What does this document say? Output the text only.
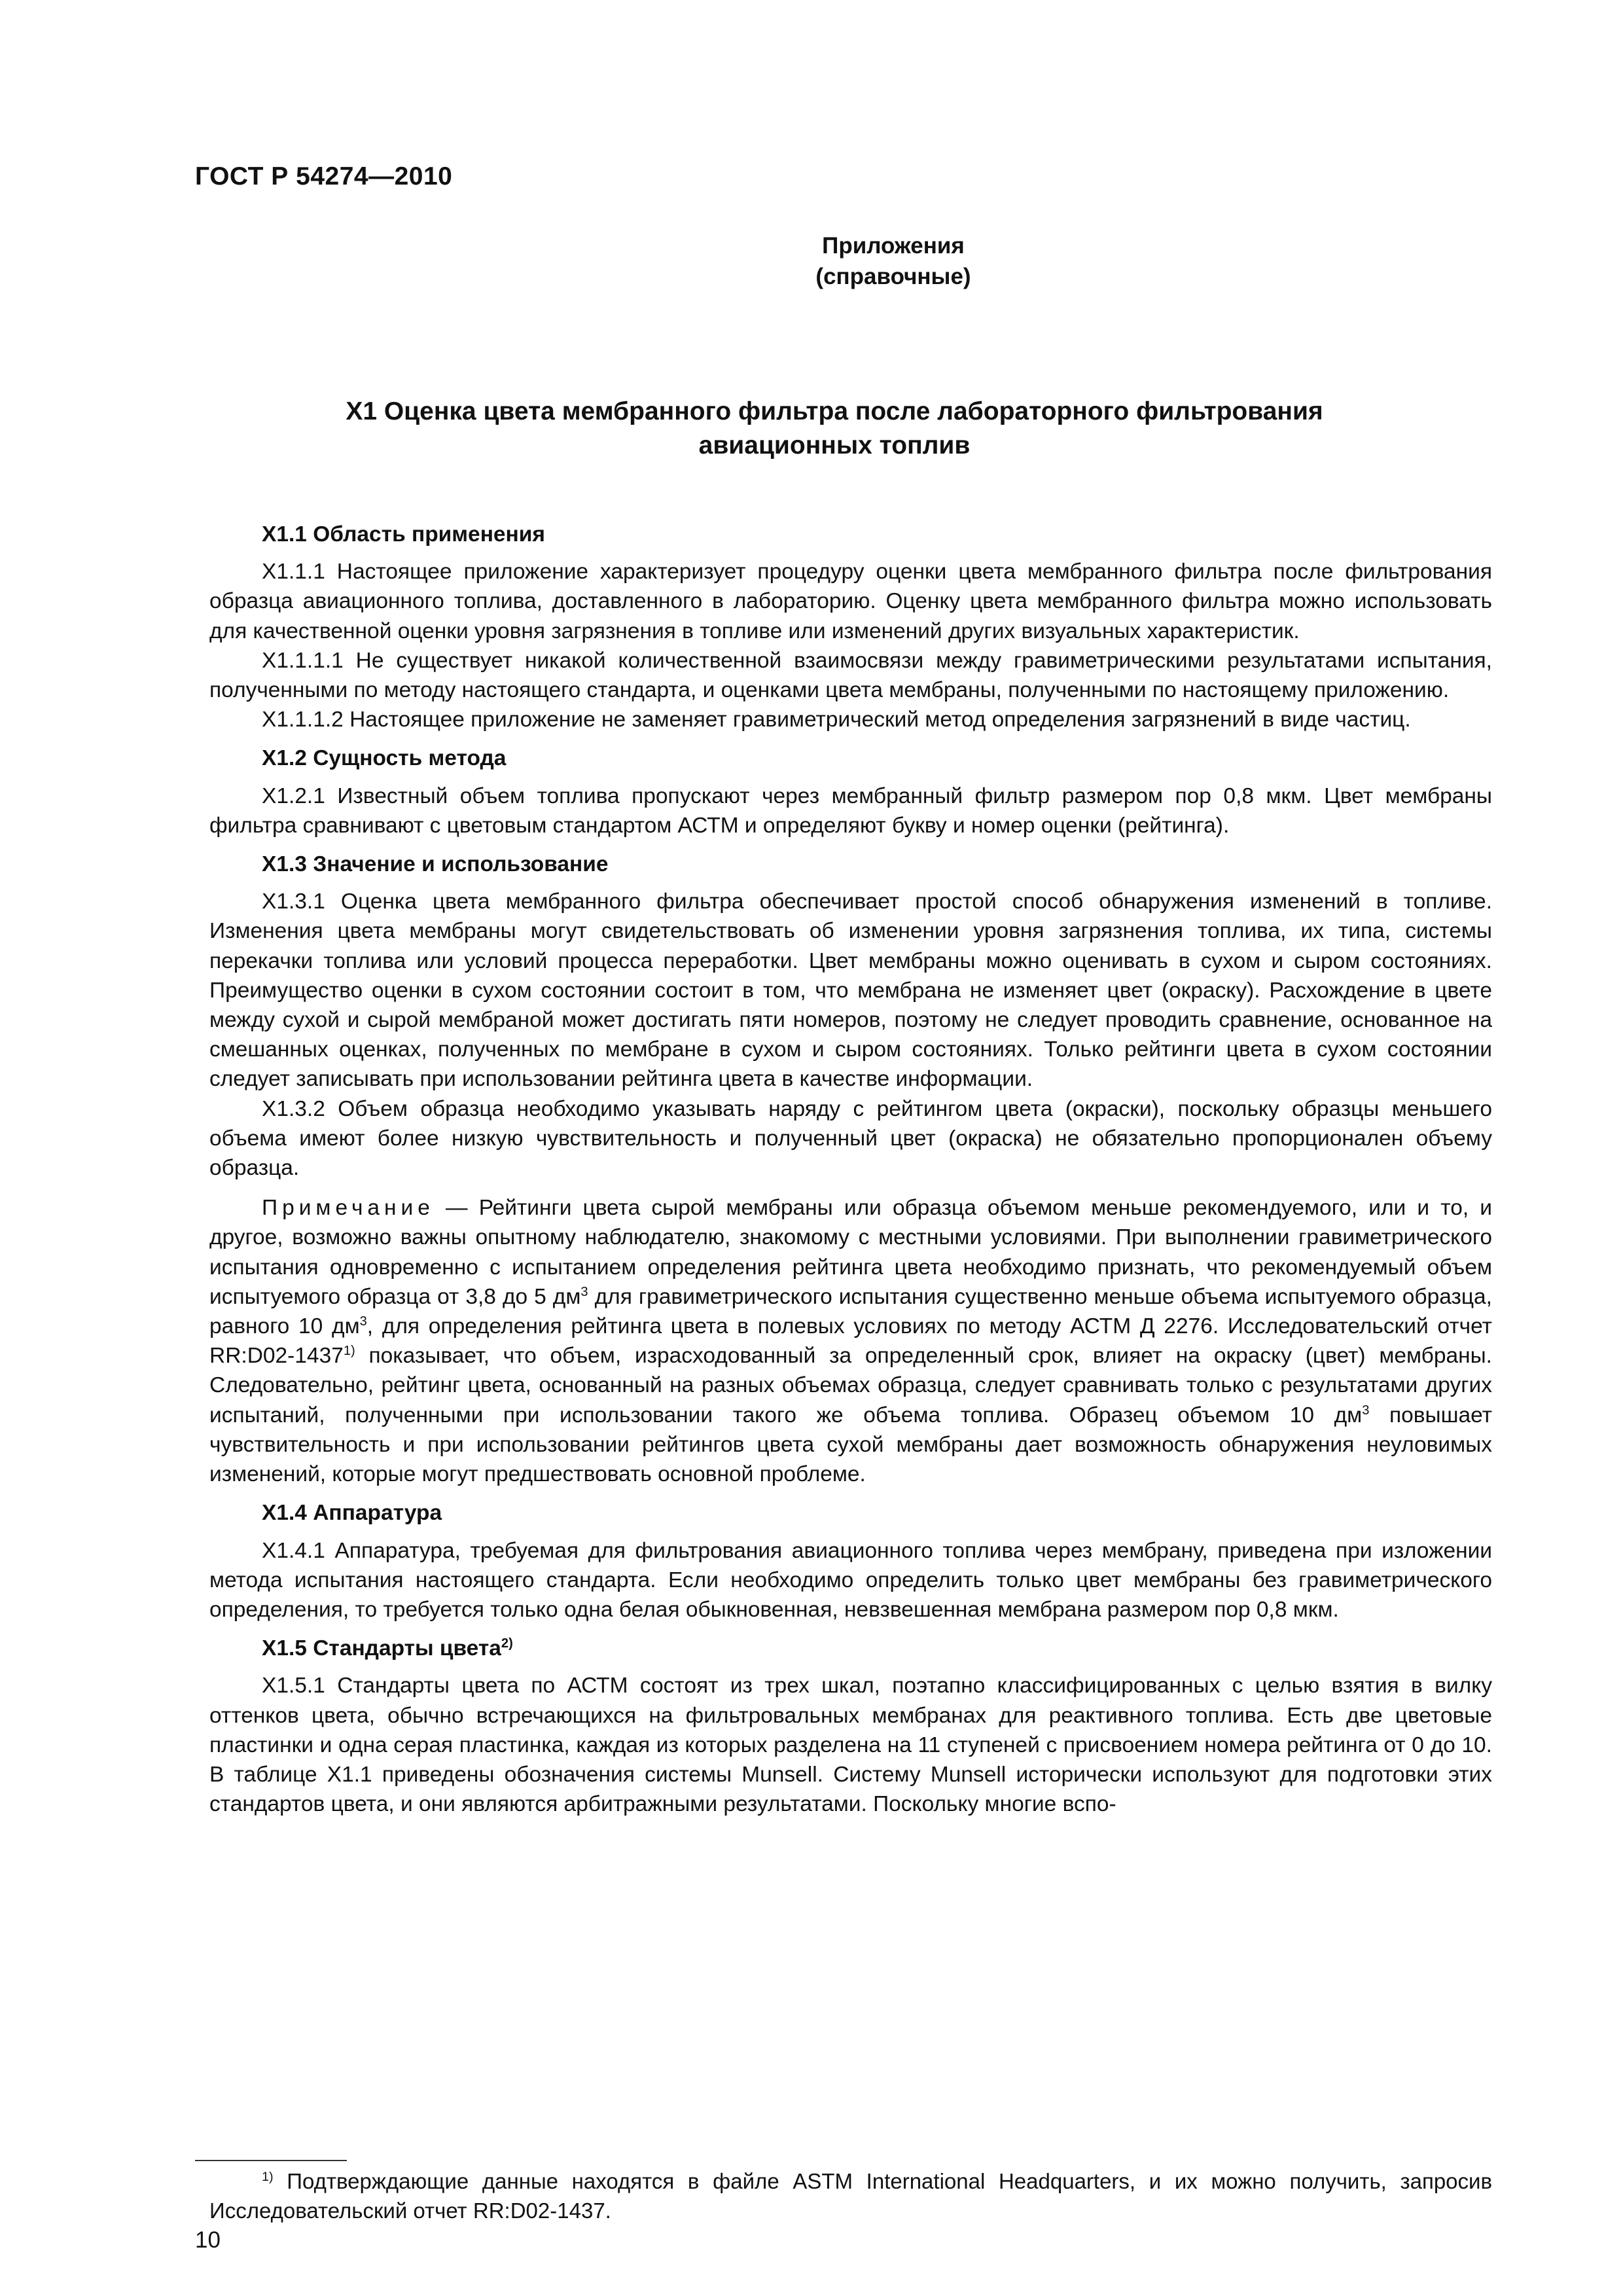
ГОСТ Р 54274—2010
Приложения
(справочные)
X1 Оценка цвета мембранного фильтра после лабораторного фильтрования
авиационных топлив
X1.1 Область применения

X1.1.1 Настоящее приложение характеризует процедуру оценки цвета мембранного фильтра после фильтрования образца авиационного топлива, доставленного в лабораторию. Оценку цвета мембранного фильтра можно использовать для качественной оценки уровня загрязнения в топливе или изменений других визуальных характеристик.

X1.1.1.1 Не существует никакой количественной взаимосвязи между гравиметрическими результатами испытания, полученными по методу настоящего стандарта, и оценками цвета мембраны, полученными по настоящему приложению.

X1.1.1.2 Настоящее приложение не заменяет гравиметрический метод определения загрязнений в виде частиц.

X1.2 Сущность метода

X1.2.1 Известный объем топлива пропускают через мембранный фильтр размером пор 0,8 мкм. Цвет мембраны фильтра сравнивают с цветовым стандартом АСТМ и определяют букву и номер оценки (рейтинга).

X1.3 Значение и использование

X1.3.1 Оценка цвета мембранного фильтра обеспечивает простой способ обнаружения изменений в топливе. Изменения цвета мембраны могут свидетельствовать об изменении уровня загрязнения топлива, их типа, системы перекачки топлива или условий процесса переработки. Цвет мембраны можно оценивать в сухом и сыром состояниях. Преимущество оценки в сухом состоянии состоит в том, что мембрана не изменяет цвет (окраску). Расхождение в цвете между сухой и сырой мембраной может достигать пяти номеров, поэтому не следует проводить сравнение, основанное на смешанных оценках, полученных по мембране в сухом и сыром состояниях. Только рейтинги цвета в сухом состоянии следует записывать при использовании рейтинга цвета в качестве информации.

X1.3.2 Объем образца необходимо указывать наряду с рейтингом цвета (окраски), поскольку образцы меньшего объема имеют более низкую чувствительность и полученный цвет (окраска) не обязательно пропорционален объему образца.

Примечание — Рейтинги цвета сырой мембраны или образца объемом меньше рекомендуемого, или и то, и другое, возможно важны опытному наблюдателю, знакомому с местными условиями. При выполнении гравиметрического испытания одновременно с испытанием определения рейтинга цвета необходимо признать, что рекомендуемый объем испытуемого образца от 3,8 до 5 $дм^3$ для гравиметрического испытания существенно меньше объема испытуемого образца, равного 10 $дм^3$, для определения рейтинга цвета в полевых условиях по методу АСТМ Д 2276. Исследовательский отчет RR:D02-1437$^{1)}$ показывает, что объем, израсходованный за определенный срок, влияет на окраску (цвет) мембраны. Следовательно, рейтинг цвета, основанный на разных объемах образца, следует сравнивать только с результатами других испытаний, полученными при использовании такого же объема топлива. Образец объемом 10 $дм^3$ повышает чувствительность и при использовании рейтингов цвета сухой мембраны дает возможность обнаружения неуловимых изменений, которые могут предшествовать основной проблеме.

X1.4 Аппаратура

X1.4.1 Аппаратура, требуемая для фильтрования авиационного топлива через мембрану, приведена при изложении метода испытания настоящего стандарта. Если необходимо определить только цвет мембраны без гравиметрического определения, то требуется только одна белая обыкновенная, невзвешенная мембрана размером пор 0,8 мкм.

X1.5 Стандарты цвета$^{2)}$

X1.5.1 Стандарты цвета по АСТМ состоят из трех шкал, поэтапно классифицированных с целью взятия в вилку оттенков цвета, обычно встречающихся на фильтровальных мембранах для реактивного топлива. Есть две цветовые пластинки и одна серая пластинка, каждая из которых разделена на 11 ступеней с присвоением номера рейтинга от 0 до 10. В таблице X1.1 приведены обозначения системы Munsell. Систему Munsell исторически используют для подготовки этих стандартов цвета, и они являются арбитражными результатами. Поскольку многие вспо-

$^{1)}$ Подтверждающие данные находятся в файле ASTM International Headquarters, и их можно получить, запросив Исследовательский отчет RR:D02-1437.

10
